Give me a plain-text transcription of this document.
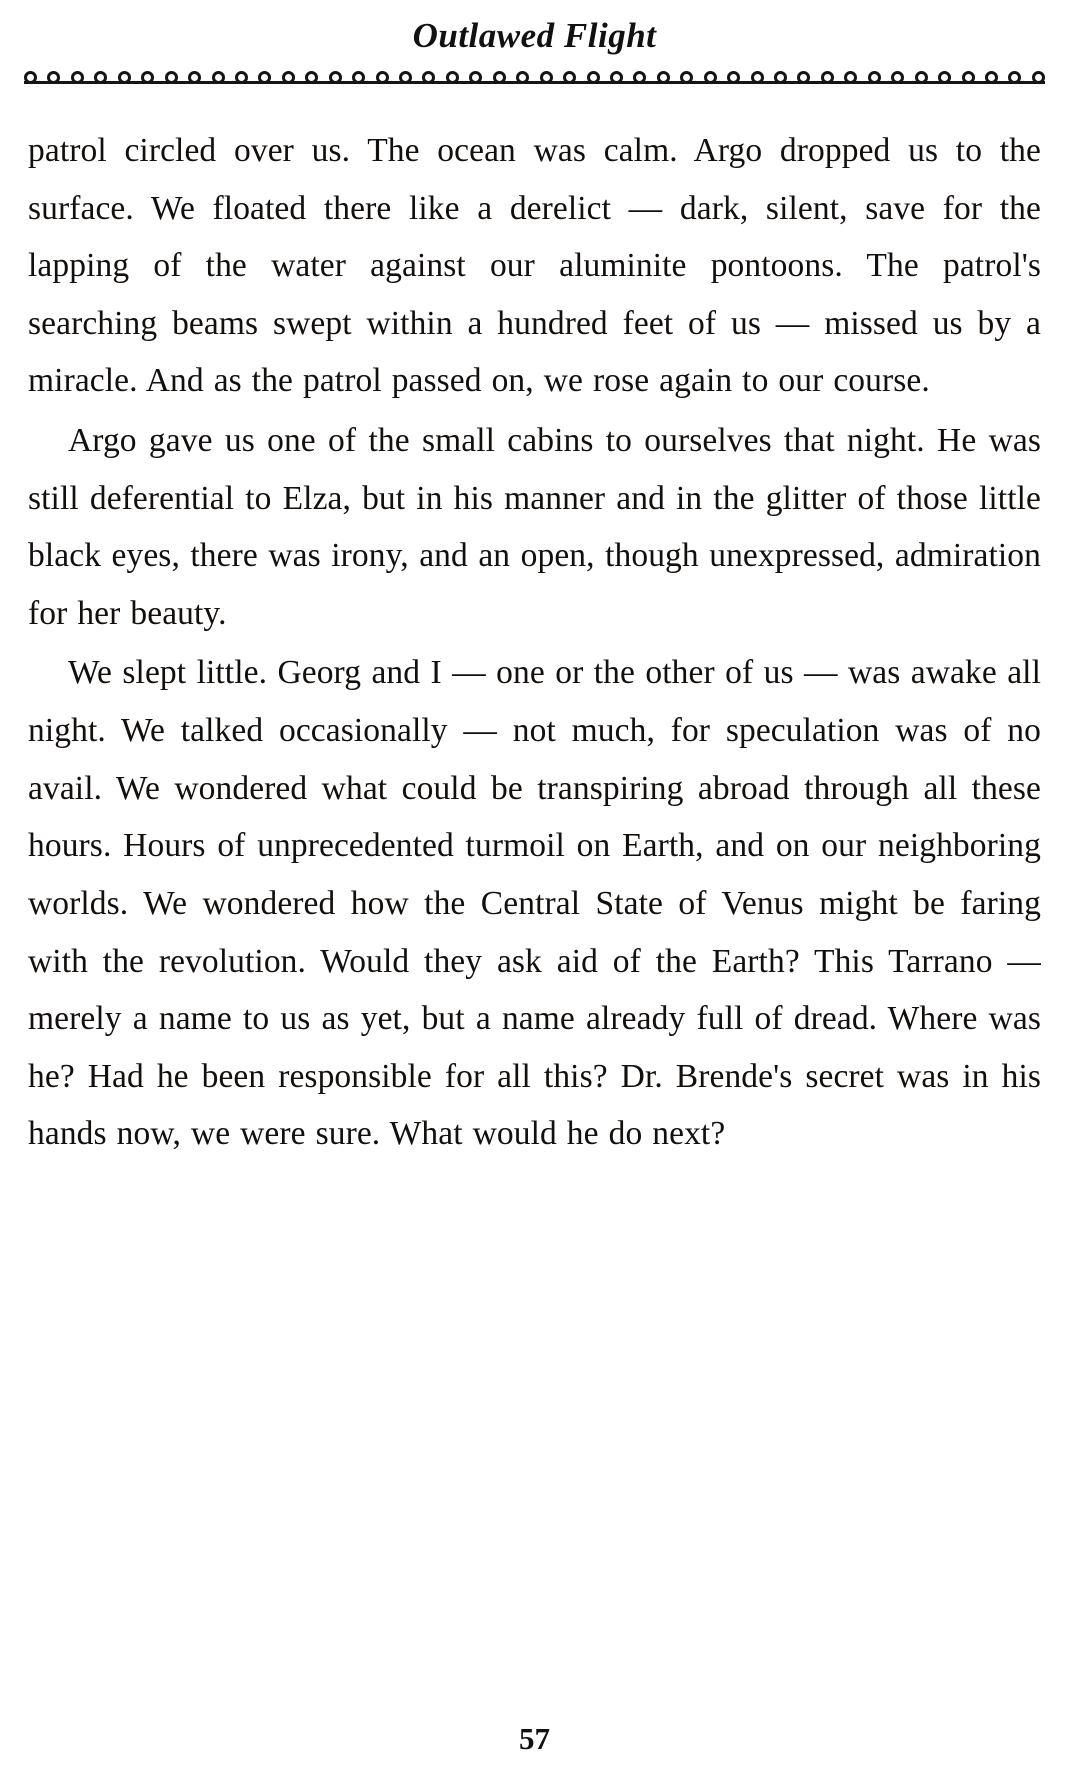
Outlawed Flight

patrol circled over us. The ocean was calm. Argo dropped us to the surface. We floated there like a derelict — dark, silent, save for the lapping of the water against our aluminite pontoons. The patrol's searching beams swept within a hundred feet of us — missed us by a miracle. And as the patrol passed on, we rose again to our course.

Argo gave us one of the small cabins to ourselves that night. He was still deferential to Elza, but in his manner and in the glitter of those little black eyes, there was irony, and an open, though unexpressed, admiration for her beauty.

We slept little. Georg and I — one or the other of us — was awake all night. We talked occasionally — not much, for speculation was of no avail. We wondered what could be transpiring abroad through all these hours. Hours of unprecedented turmoil on Earth, and on our neighboring worlds. We wondered how the Central State of Venus might be faring with the revolution. Would they ask aid of the Earth? This Tarrano — merely a name to us as yet, but a name already full of dread. Where was he? Had he been responsible for all this? Dr. Brende's secret was in his hands now, we were sure. What would he do next?

57
